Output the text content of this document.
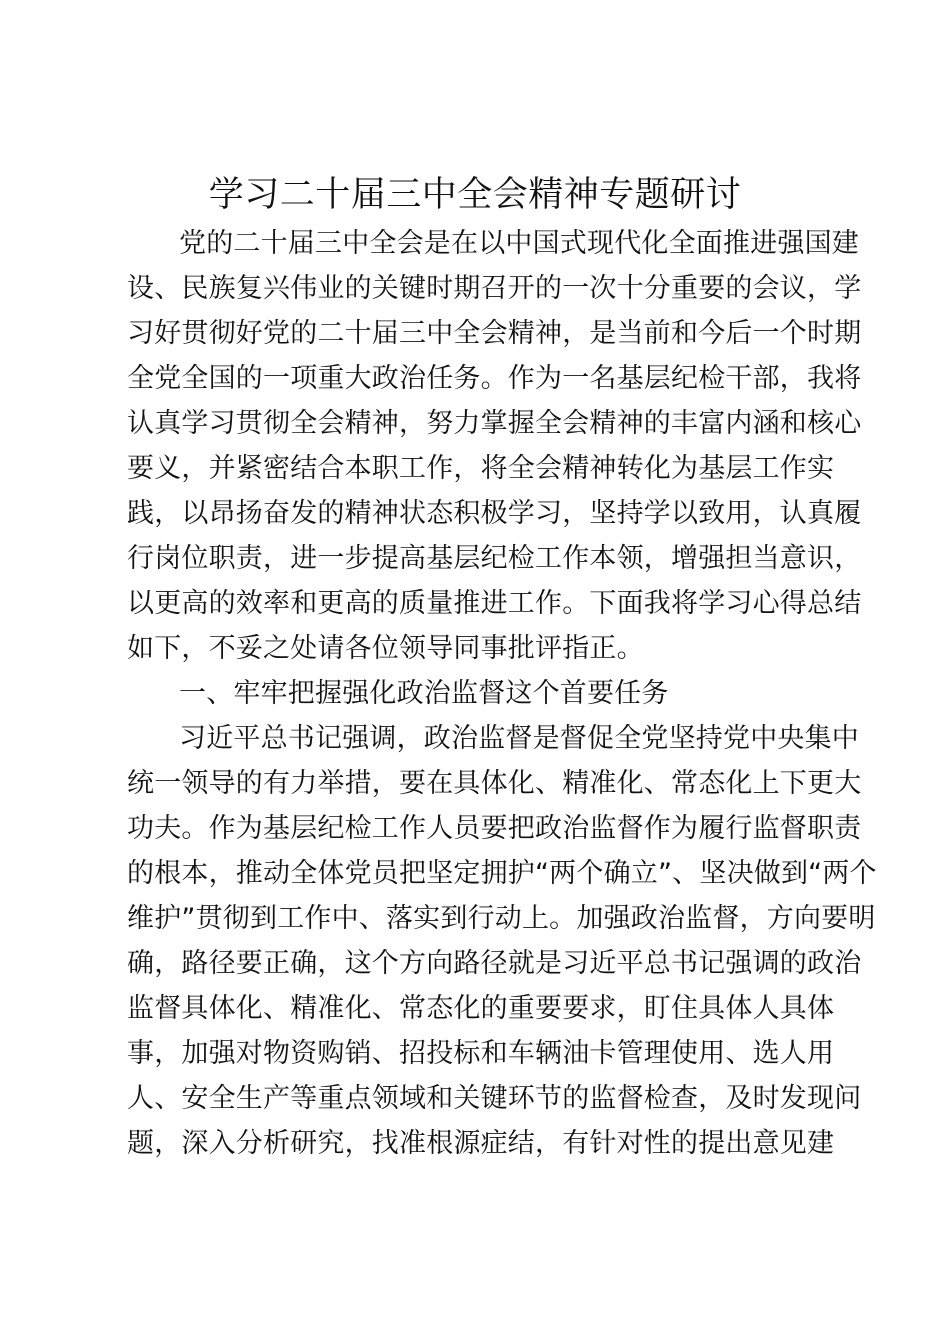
学习二十届三中全会精神专题研讨
党的二十届三中全会是在以中国式现代化全面推进强国建
设、民族复兴伟业的关键时期召开的一次十分重要的会议，学
习好贯彻好党的二十届三中全会精神，是当前和今后一个时期
全党全国的一项重大政治任务。作为一名基层纪检干部，我将
认真学习贯彻全会精神，努力掌握全会精神的丰富内涵和核心
要义，并紧密结合本职工作，将全会精神转化为基层工作实
践，以昂扬奋发的精神状态积极学习，坚持学以致用，认真履
行岗位职责，进一步提高基层纪检工作本领，增强担当意识，
以更高的效率和更高的质量推进工作。下面我将学习心得总结
如下，不妥之处请各位领导同事批评指正。
一、牢牢把握强化政治监督这个首要任务
习近平总书记强调，政治监督是督促全党坚持党中央集中
统一领导的有力举措，要在具体化、精准化、常态化上下更大
功夫。作为基层纪检工作人员要把政治监督作为履行监督职责
的根本，推动全体党员把坚定拥护“两个确立”、坚决做到“两个
维护”贯彻到工作中、落实到行动上。加强政治监督，方向要明
确，路径要正确，这个方向路径就是习近平总书记强调的政治
监督具体化、精准化、常态化的重要要求，盯住具体人具体
事，加强对物资购销、招投标和车辆油卡管理使用、选人用
人、安全生产等重点领域和关键环节的监督检查，及时发现问
题，深入分析研究，找准根源症结，有针对性的提出意见建
